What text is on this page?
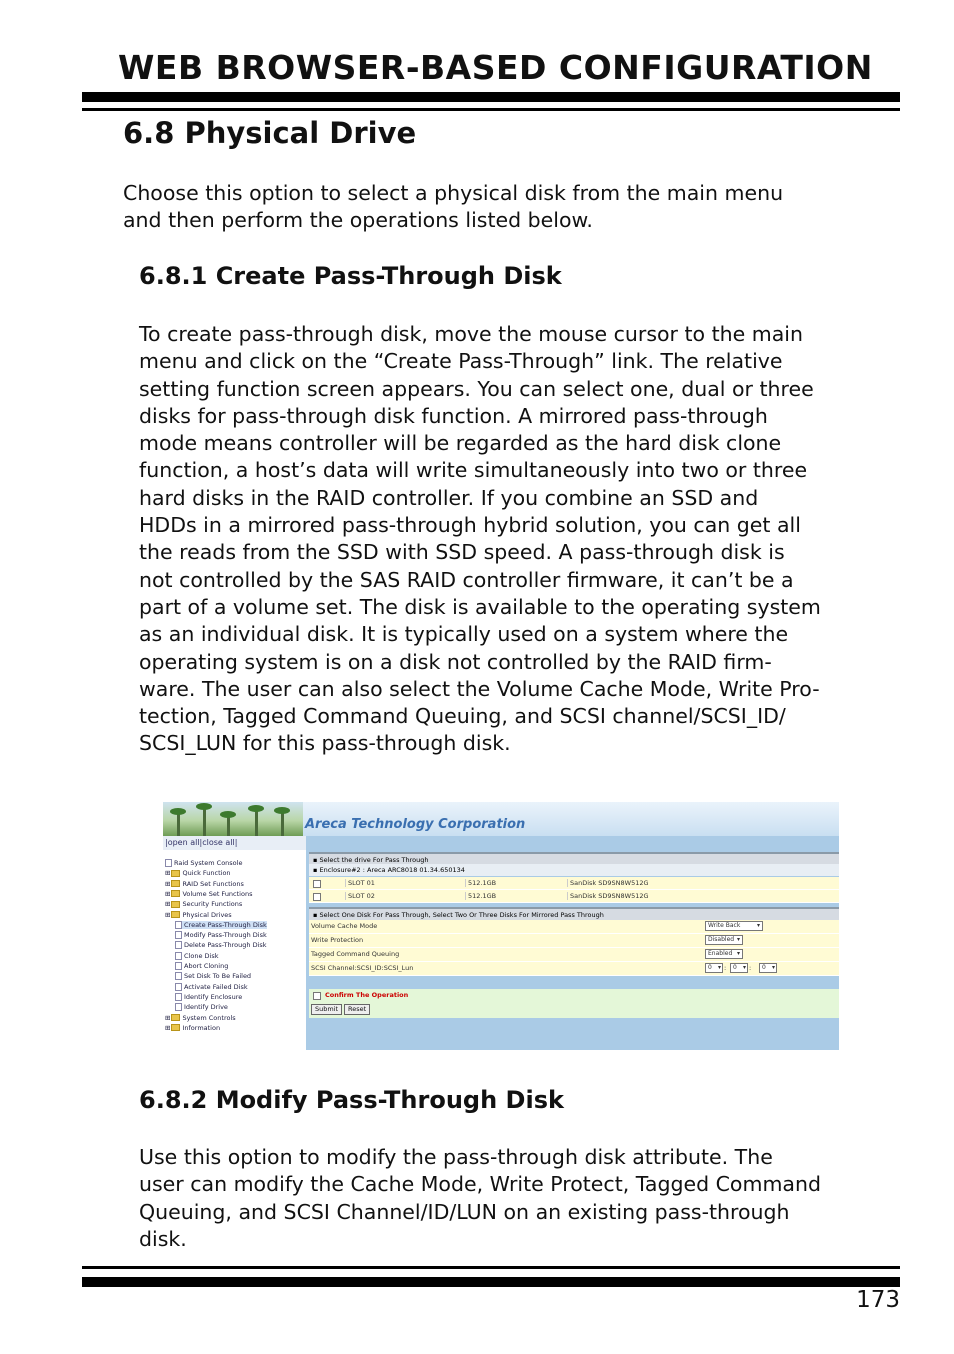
WEB BROWSER-BASED CONFIGURATION
6.8 Physical Drive
Choose this option to select a physical disk from the main menu
and then perform the operations listed below.
6.8.1 Create Pass-Through Disk
To create pass-through disk, move the mouse cursor to the main
menu and click on the “Create Pass-Through” link. The relative
setting function screen appears. You can select one, dual or three
disks for pass-through disk function. A mirrored pass-through
mode means controller will be regarded as the hard disk clone
function, a host’s data will write simultaneously into two or three
hard disks in the RAID controller. If you combine an SSD and
HDDs in a mirrored pass-through hybrid solution, you can get all
the reads from the SSD with SSD speed. A pass-through disk is
not controlled by the SAS RAID controller firmware, it can’t be a
part of a volume set. The disk is available to the operating system
as an individual disk. It is typically used on a system where the
operating system is on a disk not controlled by the RAID firm-
ware. The user can also select the Volume Cache Mode, Write Pro-
tection, Tagged Command Queuing, and SCSI channel/SCSI_ID/
SCSI_LUN for this pass-through disk.
Areca Technology Corporation
|open all|close all|
Raid System Console
⊞ Quick Function
⊞ RAID Set Functions
⊞ Volume Set Functions
⊞ Security Functions
⊞ Physical Drives
Create Pass-Through Disk
Modify Pass-Through Disk
Delete Pass-Through Disk
Clone Disk
Abort Cloning
Set Disk To Be Failed
Activate Failed Disk
Identify Enclosure
Identify Drive
⊞ System Controls
⊞ Information
▪ Select the drive For Pass Through
▪ Enclosure#2 : Areca ARC8018 01.34.650134
SLOT 01	512.1GB	SanDisk SD9SN8W512G
SLOT 02	512.1GB	SanDisk SD9SN8W512G
▪ Select One Disk For Pass Through, Select Two Or Three Disks For Mirrored Pass Through
Volume Cache Mode	Write Back	▾
Write Protection	Disabled ▾
Tagged Command Queuing	Enabled ▾
SCSI Channel:SCSI_ID:SCSI_Lun	0 ▾ :	0 ▾ :	0 ▾
Confirm The Operation
Submit	Reset
6.8.2 Modify Pass-Through Disk
Use this option to modify the pass-through disk attribute. The
user can modify the Cache Mode, Write Protect, Tagged Command
Queuing, and SCSI Channel/ID/LUN on an existing pass-through
disk.
173
